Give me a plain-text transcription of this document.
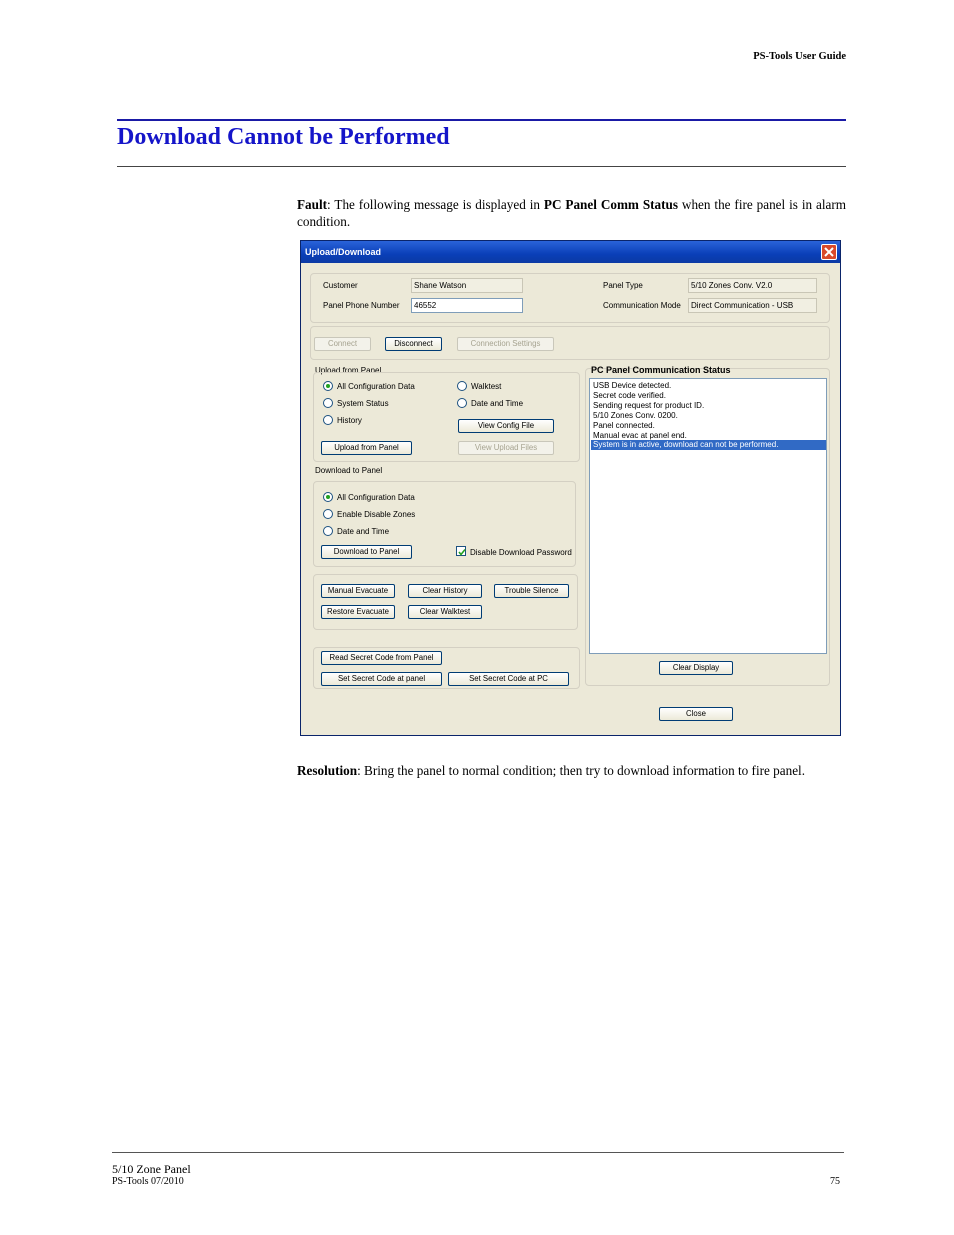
PS-Tools User Guide
Download Cannot be Performed

Fault: The following message is displayed in PC Panel Comm Status when the fire panel is in alarm condition.

Upload/Download
Customer	Shane Watson
Panel Phone Number	46552
Panel Type	5/10 Zones Conv. V2.0
Communication Mode	Direct Communication - USB
Connect	Disconnect	Connection Settings
Upload from Panel
All Configuration Data
System Status
History
Walktest
Date and Time
View Config File
Upload from Panel	View Upload Files
Download to Panel
All Configuration Data
Enable Disable Zones
Date and Time
Download to Panel	Disable Download Password
Manual Evacuate	Clear History	Trouble Silence
Restore Evacuate	Clear Walktest
Read Secret Code from Panel
Set Secret Code at panel	Set Secret Code at PC
PC Panel Communication Status
USB Device detected.
Secret code verified.
Sending request for product ID.
5/10 Zones Conv. 0200.
Panel connected.
Manual evac at panel end.
System is in active, download can not be performed.
Clear Display
Close

Resolution: Bring the panel to normal condition; then try to download information to fire panel.

5/10 Zone Panel
PS-Tools 07/2010	75
